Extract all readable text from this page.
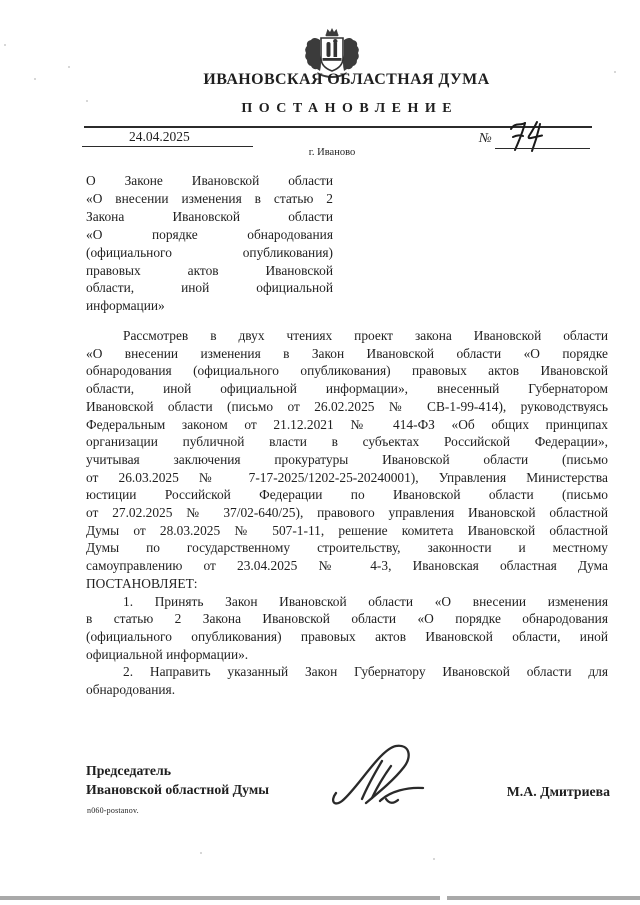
ИВАНОВСКАЯ ОБЛАСТНАЯ ДУМА
ПОСТАНОВЛЕНИЕ
24.04.2025	№
г. Иваново
О Законе Ивановской области
«О внесении изменения в статью 2
Закона Ивановской области
«О порядке обнародования
(официального опубликования)
правовых актов Ивановской
области, иной официальной
информации»
Рассмотрев в двух чтениях проект закона Ивановской области
«О внесении изменения в Закон Ивановской области «О порядке
обнародования (официального опубликования) правовых актов Ивановской
области, иной официальной информации», внесенный Губернатором
Ивановской области (письмо от 26.02.2025 № СВ-1-99-414), руководствуясь
Федеральным законом от 21.12.2021 № 414-ФЗ «Об общих принципах
организации публичной власти в субъектах Российской Федерации»,
учитывая заключения прокуратуры Ивановской области (письмо
от 26.03.2025 № 7-17-2025/1202-25-20240001), Управления Министерства
юстиции Российской Федерации по Ивановской области (письмо
от 27.02.2025 № 37/02-640/25), правового управления Ивановской областной
Думы от 28.03.2025 № 507-1-11, решение комитета Ивановской областной
Думы по государственному строительству, законности и местному
самоуправлению от 23.04.2025 № 4-3, Ивановская областная Дума
ПОСТАНОВЛЯЕТ:
1. Принять Закон Ивановской области «О внесении изменения
в статью 2 Закона Ивановской области «О порядке обнародования
(официального опубликования) правовых актов Ивановской области, иной
официальной информации».
2. Направить указанный Закон Губернатору Ивановской области для
обнародования.
Председатель
Ивановской областной Думы	М.А. Дмитриева
n060-postanov.
